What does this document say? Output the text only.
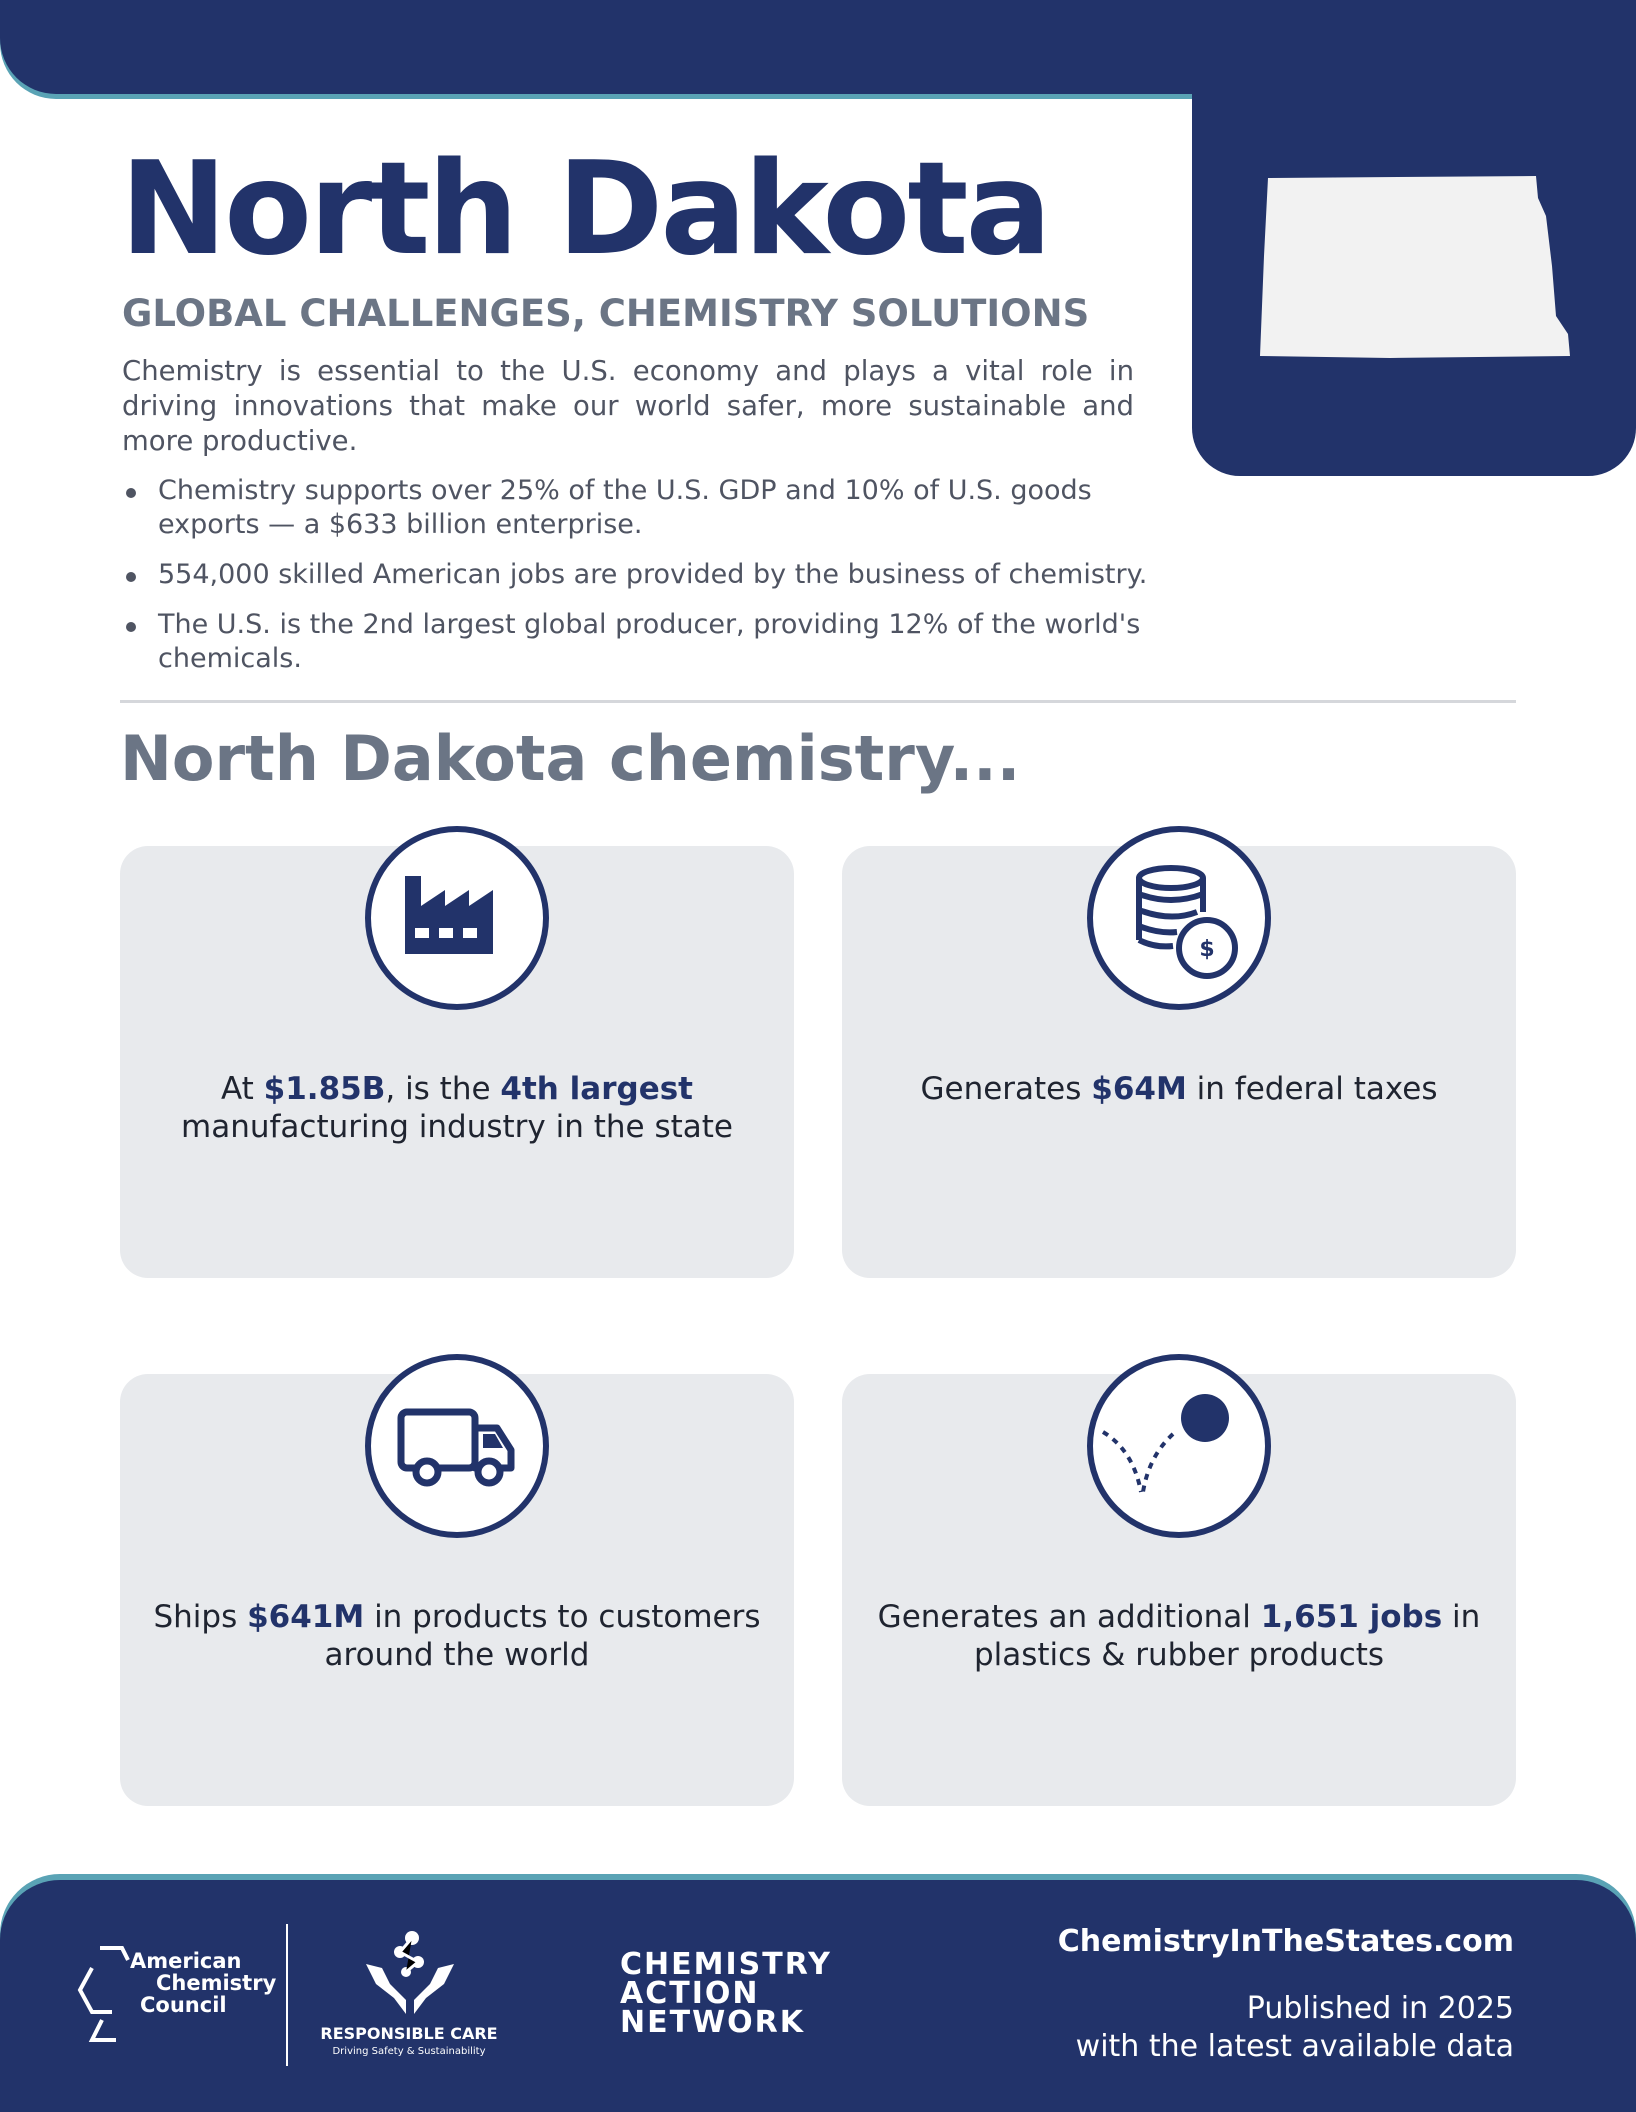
North Dakota
GLOBAL CHALLENGES, CHEMISTRY SOLUTIONS

Chemistry is essential to the U.S. economy and plays a vital role in driving innovations that make our world safer, more sustainable and more productive.

Chemistry supports over 25% of the U.S. GDP and 10% of U.S. goods exports — a $633 billion enterprise.
554,000 skilled American jobs are provided by the business of chemistry.
The U.S. is the 2nd largest global producer, providing 12% of the world's chemicals.
North Dakota chemistry...
At $1.85B, is the 4th largest
manufacturing industry in the state
Generates $64M in federal taxes
$
Ships $641M in products to customers around the world
Generates an additional 1,651 jobs in plastics & rubber products
American
Chemistry
Council
RESPONSIBLE CARE
Driving Safety & Sustainability
CHEMISTRY
ACTION
NETWORK
ChemistryInTheStates.com
Published in 2025
with the latest available data
